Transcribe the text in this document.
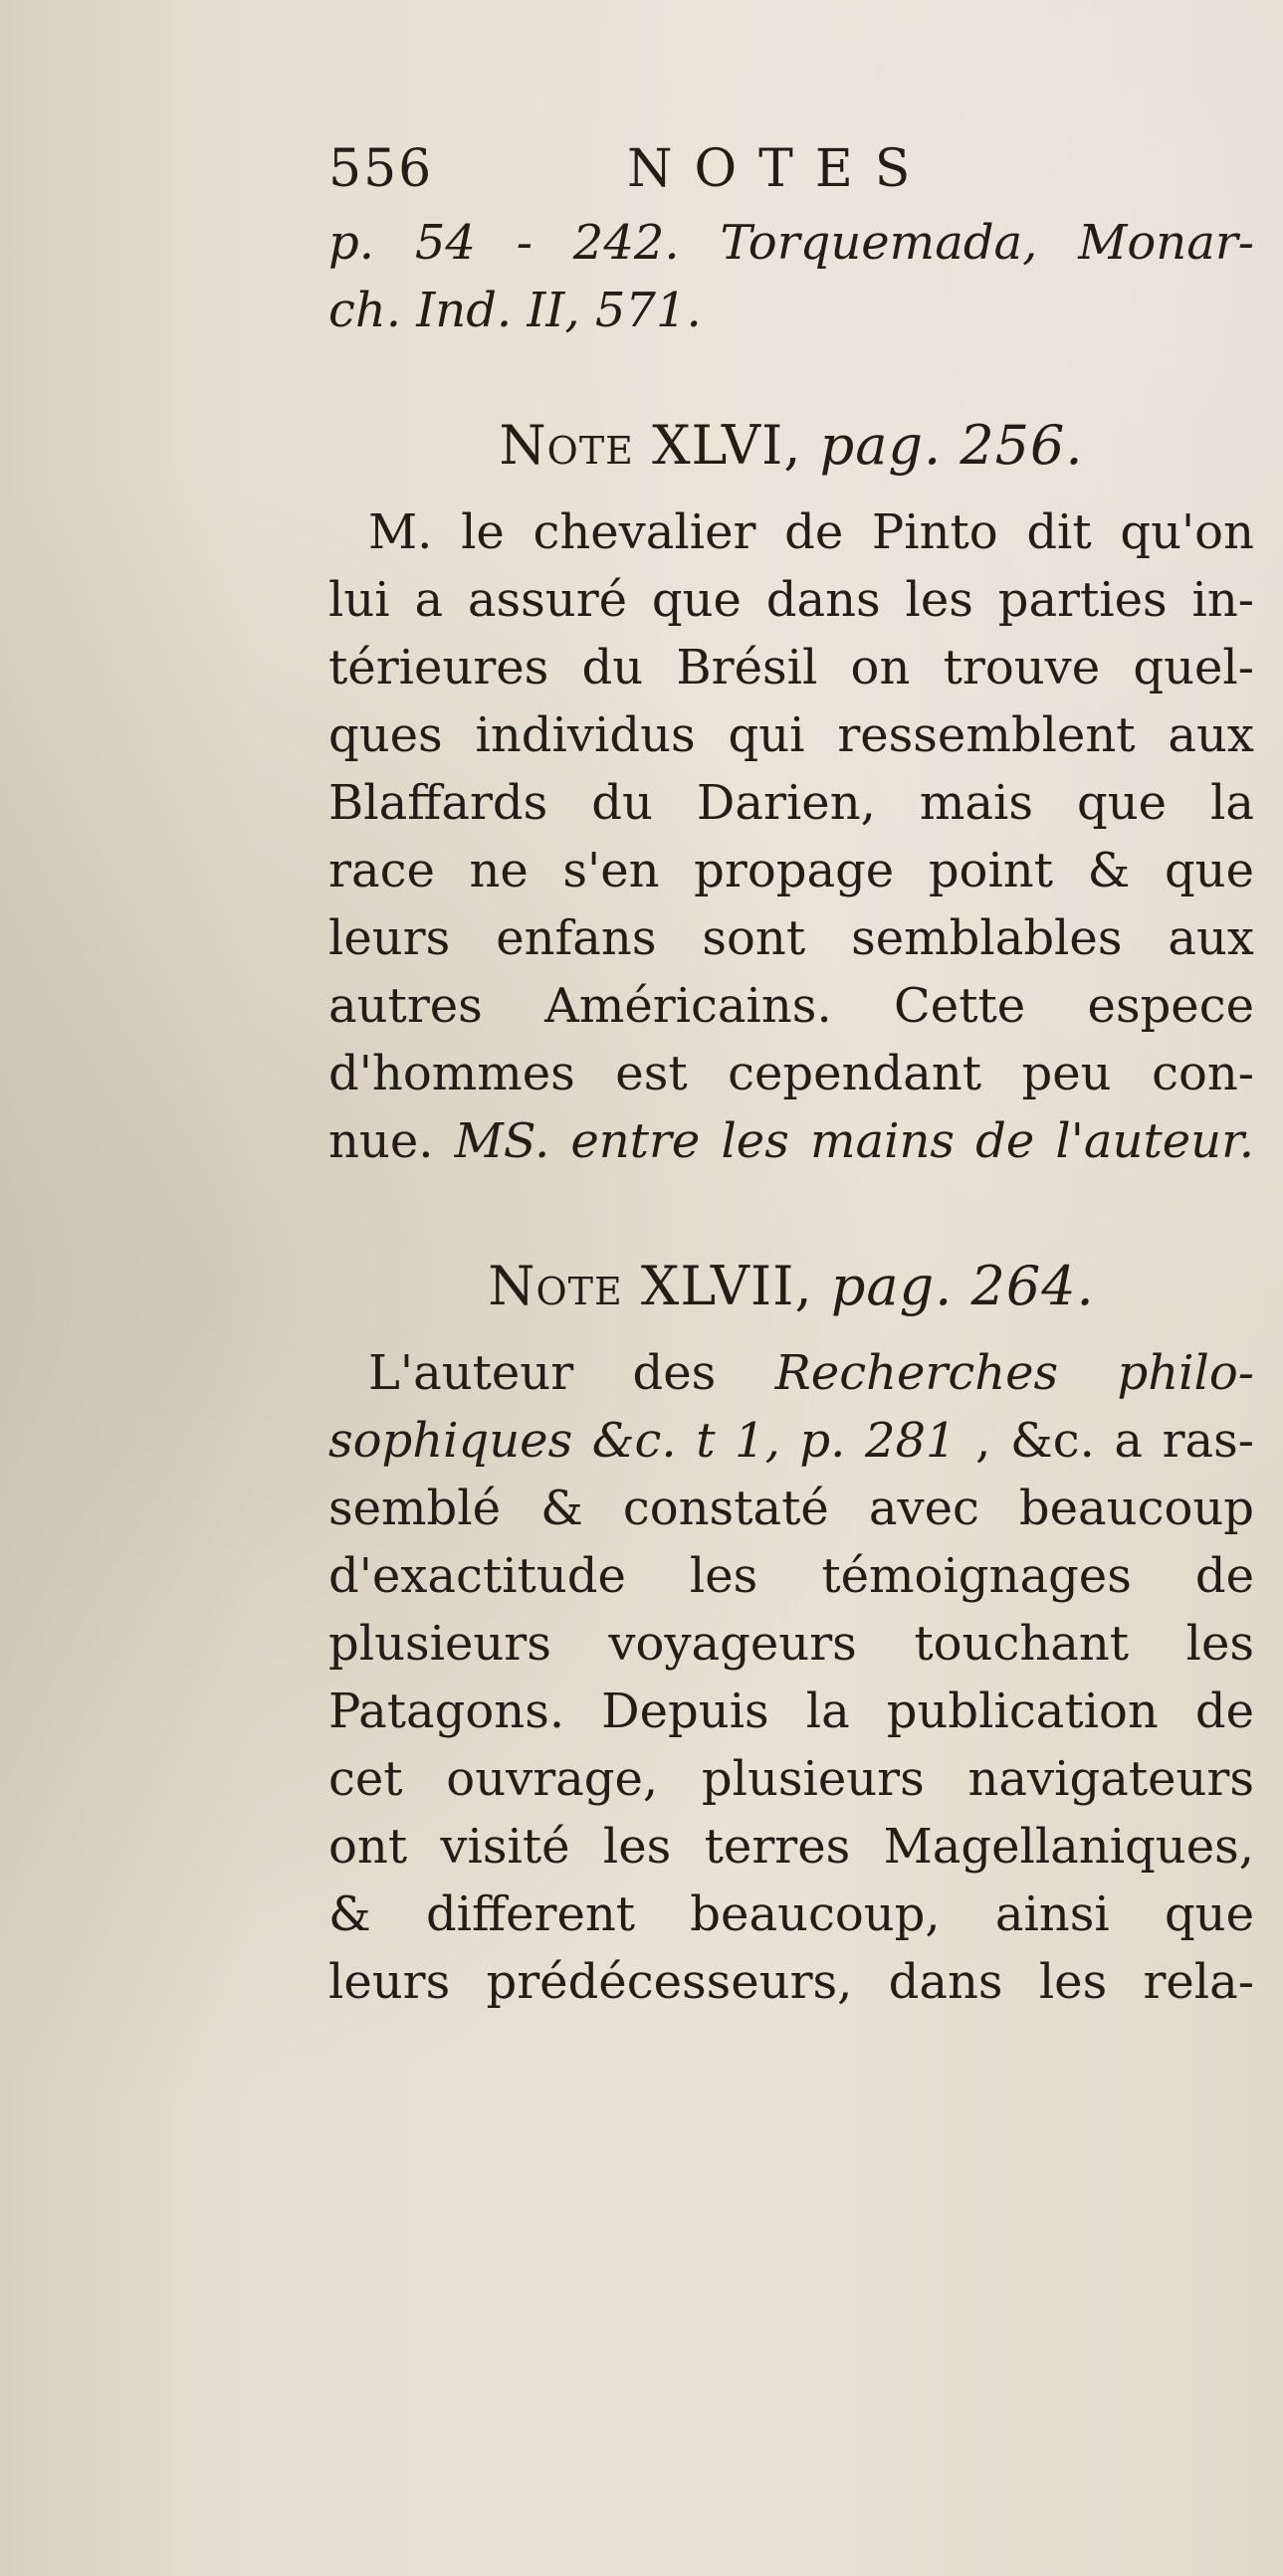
556	NOTES
p. 54 - 242. Torquemada, Monar-
ch. Ind. II, 571.
Note XLVI, pag. 256.
M. le chevalier de Pinto dit qu'on
lui a assuré que dans les parties in-
térieures du Brésil on trouve quel-
ques individus qui ressemblent aux
Blaffards du Darien, mais que la
race ne s'en propage point & que
leurs enfans sont semblables aux
autres Américains. Cette espece
d'hommes est cependant peu con-
nue. MS. entre les mains de l'auteur.
Note XLVII, pag. 264.
L'auteur des Recherches philo-
sophiques &c. t 1, p. 281 , &c. a ras-
semblé & constaté avec beaucoup
d'exactitude les témoignages de
plusieurs voyageurs touchant les
Patagons. Depuis la publication de
cet ouvrage, plusieurs navigateurs
ont visité les terres Magellaniques,
& different beaucoup, ainsi que
leurs prédécesseurs, dans les rela-
